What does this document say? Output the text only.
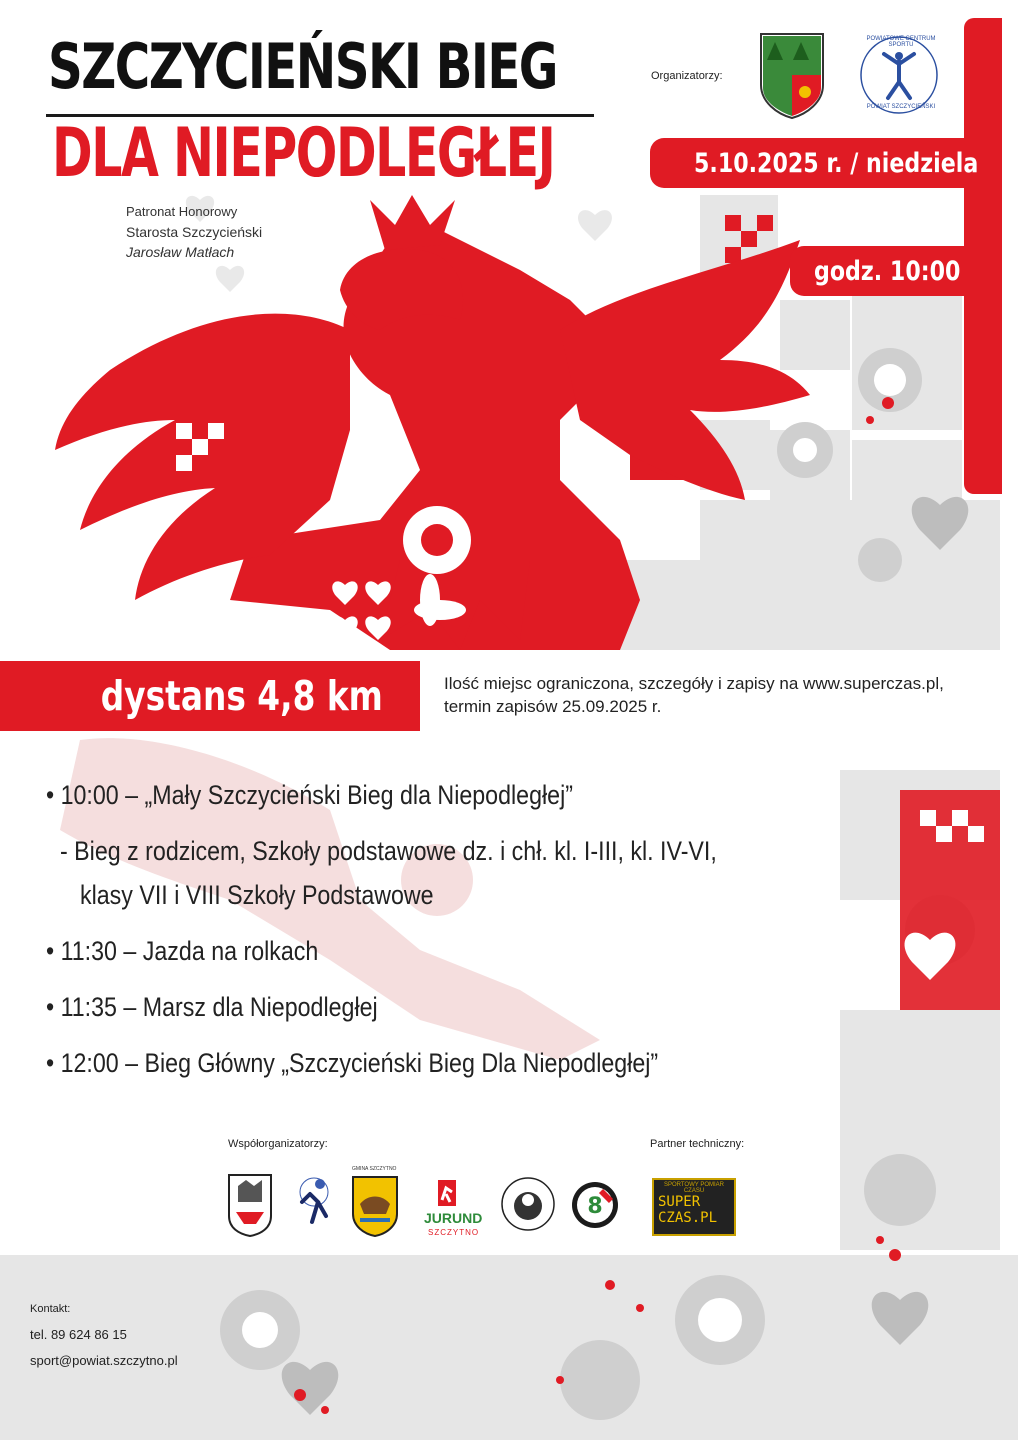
SZCZYCIEŃSKI BIEG
DLA NIEPODLEGŁEJ
Patronat Honorowy
Starosta Szczycieński
Jarosław Matłach
Organizatorzy:
POWIATOWE CENTRUM SPORTU
POWIAT SZCZYCIEŃSKI
5.10.2025 r. / niedziela
godz. 10:00
dystans 4,8 km	Ilość miejsc ograniczona, szczegóły i zapisy na www.superczas.pl,
termin zapisów 25.09.2025 r.
• 10:00 – „Mały Szczycieński Bieg dla Niepodległej”
- Bieg z rodzicem, Szkoły podstawowe dz. i chł. kl. I-III, kl. IV-VI,
klasy VII i VIII Szkoły Podstawowe
• 11:30 – Jazda na rolkach
• 11:35 – Marsz dla Niepodległej
• 12:00 – Bieg Główny „Szczycieński Bieg Dla Niepodległej”
Współorganizatorzy:	Partner techniczny:
GMINA SZCZYTNO
JURUND
SZCZYTNO
8
SPORTOWY POMIAR CZASU
SUPER
CZAS.PL
Kontakt:
tel. 89 624 86 15
sport@powiat.szczytno.pl
